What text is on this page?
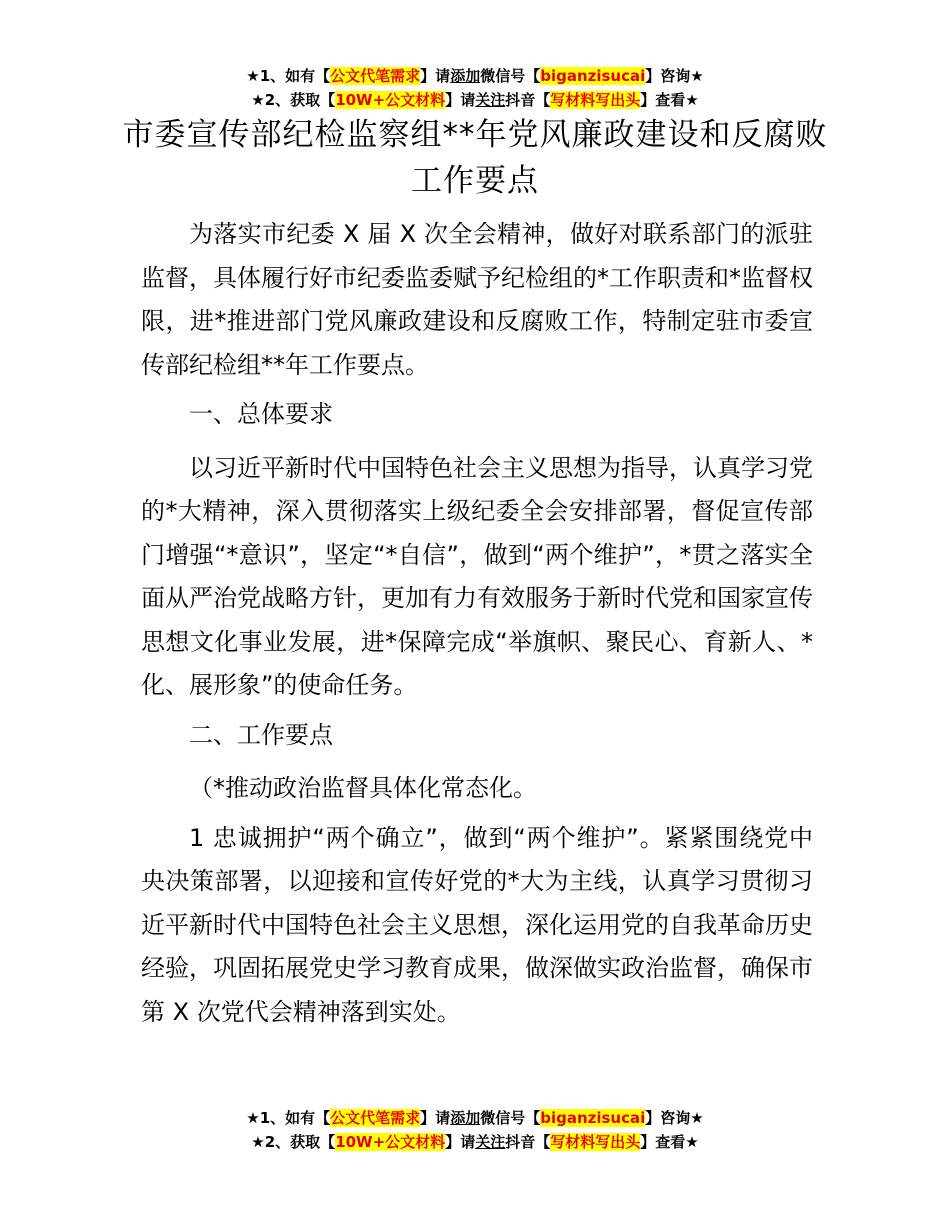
★1、如有【公文代笔需求】请添加微信号【biganzisucai】咨询★
★2、获取【10W+公文材料】请关注抖音【写材料写出头】查看★
市委宣传部纪检监察组**年党风廉政建设和反腐败工作要点

为落实市纪委 X 届 X 次全会精神，做好对联系部门的派驻监督，具体履行好市纪委监委赋予纪检组的*工作职责和*监督权限，进*推进部门党风廉政建设和反腐败工作，特制定驻市委宣传部纪检组**年工作要点。

一、总体要求

以习近平新时代中国特色社会主义思想为指导，认真学习党的*大精神，深入贯彻落实上级纪委全会安排部署，督促宣传部门增强“*意识”，坚定“*自信”，做到“两个维护”，*贯之落实全面从严治党战略方针，更加有力有效服务于新时代党和国家宣传思想文化事业发展，进*保障完成“举旗帜、聚民心、育新人、*化、展形象”的使命任务。

二、工作要点

（*推动政治监督具体化常态化。

1 忠诚拥护“两个确立”，做到“两个维护”。紧紧围绕党中央决策部署，以迎接和宣传好党的*大为主线，认真学习贯彻习近平新时代中国特色社会主义思想，深化运用党的自我革命历史经验，巩固拓展党史学习教育成果，做深做实政治监督，确保市第 X 次党代会精神落到实处。

★1、如有【公文代笔需求】请添加微信号【biganzisucai】咨询★
★2、获取【10W+公文材料】请关注抖音【写材料写出头】查看★
